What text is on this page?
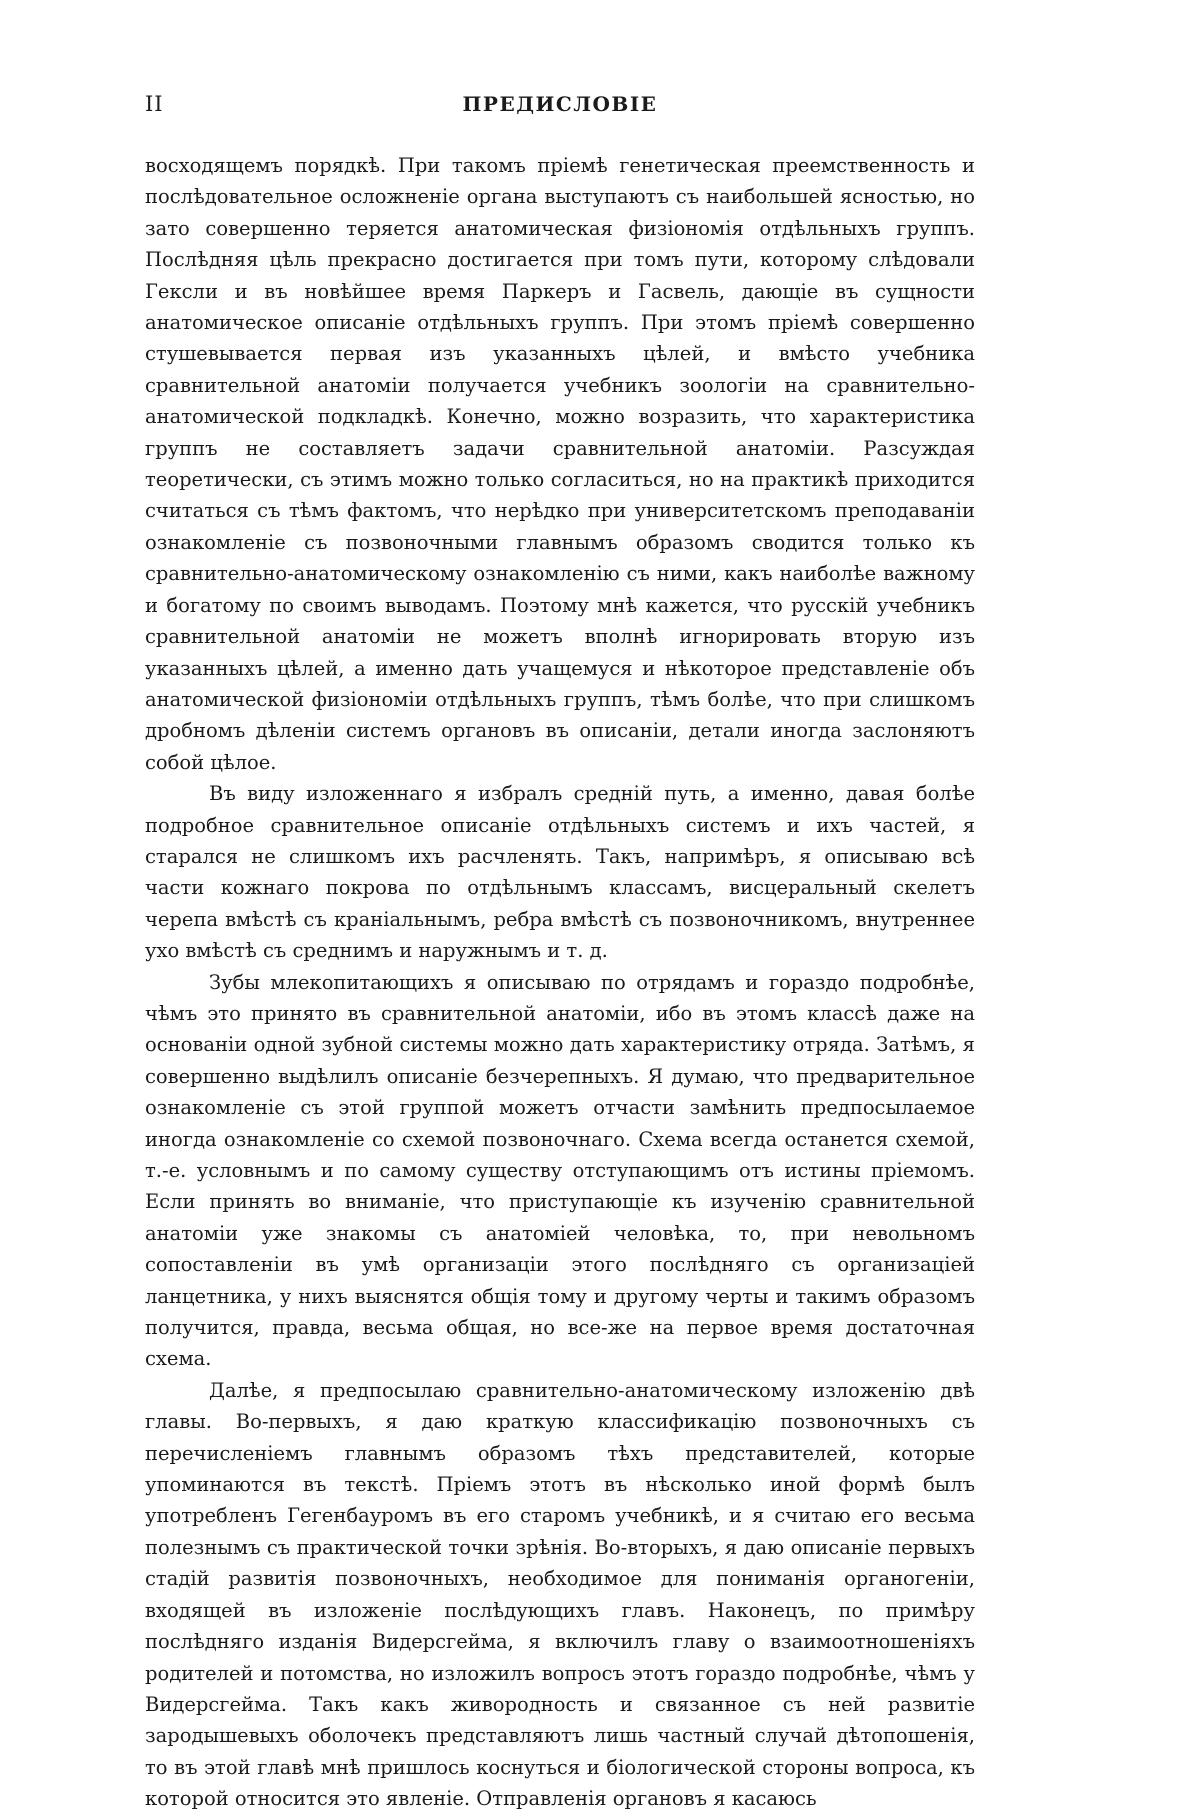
II	ПРЕДИСЛОВIЕ

восходящемъ порядкѣ. При такомъ прiемѣ генетическая преемственность и послѣдовательное осложненiе органа выступаютъ съ наибольшей ясностью, но зато совершенно теряется анатомическая физiономiя отдѣльныхъ группъ. Послѣдняя цѣль прекрасно достигается при томъ пути, которому слѣдовали Гексли и въ новѣйшее время Паркеръ и Гасвель, дающiе въ сущности анатомическое описанiе отдѣльныхъ группъ. При этомъ прiемѣ совершенно стушевывается первая изъ указанныхъ цѣлей, и вмѣсто учебника сравнительной анатомiи получается учебникъ зоологiи на сравнительно-анатомической подкладкѣ. Конечно, можно возразить, что характеристика группъ не составляетъ задачи сравнительной анатомiи. Разсуждая теоретически, съ этимъ можно только согласиться, но на практикѣ приходится считаться съ тѣмъ фактомъ, что нерѣдко при университетскомъ преподаванiи ознакомленiе съ позвоночными главнымъ образомъ сводится только къ сравнительно-анатомическому ознакомленiю съ ними, какъ наиболѣе важному и богатому по своимъ выводамъ. Поэтому мнѣ кажется, что русскiй учебникъ сравнительной анатомiи не можетъ вполнѣ игнорировать вторую изъ указанныхъ цѣлей, а именно дать учащемуся и нѣкоторое представленiе объ анатомической физiономiи отдѣльныхъ группъ, тѣмъ болѣе, что при слишкомъ дробномъ дѣленiи системъ органовъ въ описанiи, детали иногда заслоняютъ собой цѣлое.

Въ виду изложеннаго я избралъ среднiй путь, а именно, давая болѣе подробное сравнительное описанiе отдѣльныхъ системъ и ихъ частей, я старался не слишкомъ ихъ расчленять. Такъ, напримѣръ, я описываю всѣ части кожнаго покрова по отдѣльнымъ классамъ, висцеральный скелетъ черепа вмѣстѣ съ краніальнымъ, ребра вмѣстѣ съ позвоночникомъ, внутреннее ухо вмѣстѣ съ среднимъ и наружнымъ и т. д.

Зубы млекопитающихъ я описываю по отрядамъ и гораздо подробнѣе, чѣмъ это принято въ сравнительной анатомiи, ибо въ этомъ классѣ даже на основанiи одной зубной системы можно дать характеристику отряда. Затѣмъ, я совершенно выдѣлилъ описанiе безчерепныхъ. Я думаю, что предварительное ознакомленiе съ этой группой можетъ отчасти замѣнить предпосылаемое иногда ознакомленiе со схемой позвоночнаго. Схема всегда останется схемой, т.-е. условнымъ и по самому существу отступающимъ отъ истины прiемомъ. Если принять во вниманiе, что приступающiе къ изученiю сравнительной анатомiи уже знакомы съ анатомiей человѣка, то, при невольномъ сопоставленiи въ умѣ организацiи этого послѣдняго съ организацiей ланцетника, у нихъ выяснятся общiя тому и другому черты и такимъ образомъ получится, правда, весьма общая, но все-же на первое время достаточная схема.

Далѣе, я предпосылаю сравнительно-анатомическому изложенiю двѣ главы. Во-первыхъ, я даю краткую классификацiю позвоночныхъ съ перечисленiемъ главнымъ образомъ тѣхъ представителей, которые упоминаются въ текстѣ. Прiемъ этотъ въ нѣсколько иной формѣ былъ употребленъ Гегенбауромъ въ его старомъ учебникѣ, и я считаю его весьма полезнымъ съ практической точки зрѣнiя. Во-вторыхъ, я даю описанiе первыхъ стадiй развитiя позвоночныхъ, необходимое для пониманiя органогенiи, входящей въ изложенiе послѣдующихъ главъ. Наконецъ, по примѣру послѣдняго изданiя Видерсгейма, я включилъ главу о взаимоотношенiяхъ родителей и потомства, но изложилъ вопросъ этотъ гораздо подробнѣе, чѣмъ у Видерсгейма. Такъ какъ живородность и связанное съ ней развитiе зародышевыхъ оболочекъ представляютъ лишь частный случай дѣтопошенiя, то въ этой главѣ мнѣ пришлось коснуться и бiологической стороны вопроса, къ которой относится это явленiе. Отправленiя органовъ я касаюсь
